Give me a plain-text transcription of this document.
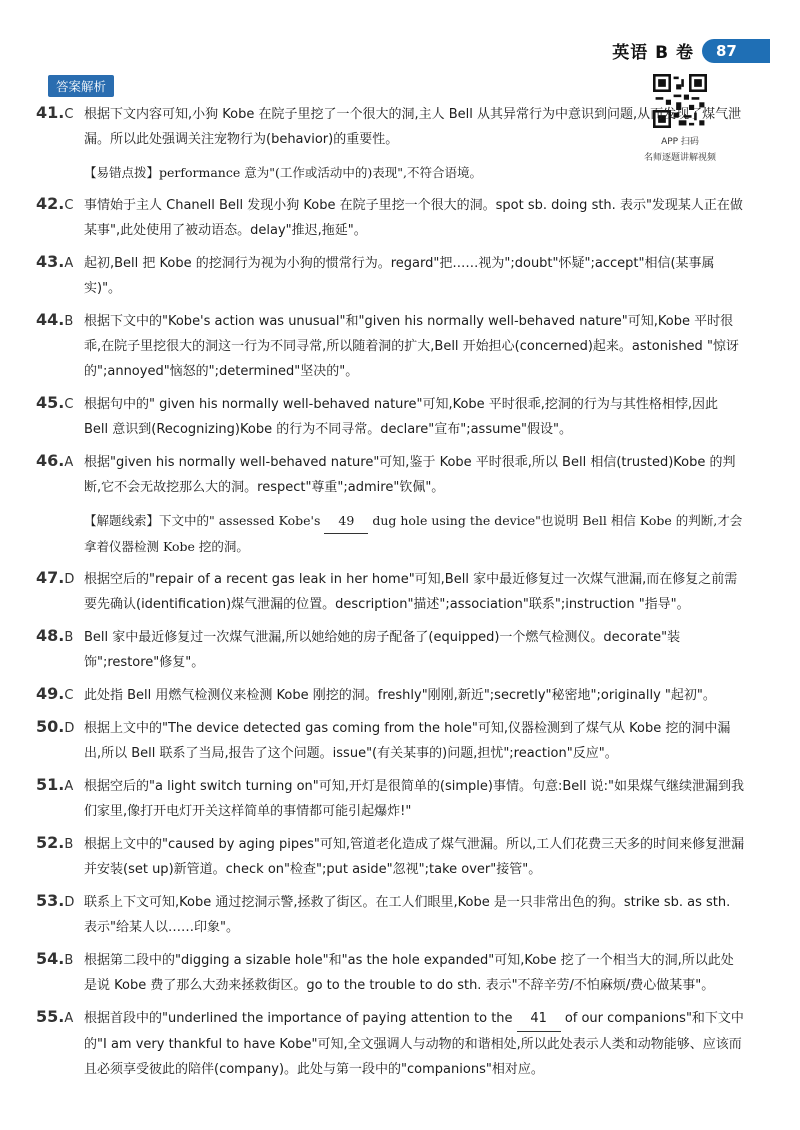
英语 B 卷	87
答案解析
APP 扫码
名师逐题讲解视频
41.C 根据下文内容可知,小狗 Kobe 在院子里挖了一个很大的洞,主人 Bell 从其异常行为中意识到问题,从而发现了煤气泄漏。所以此处强调关注宠物行为(behavior)的重要性。
【易错点拨】performance 意为"(工作或活动中的)表现",不符合语境。
42.C 事情始于主人 Chanell Bell 发现小狗 Kobe 在院子里挖一个很大的洞。spot sb. doing sth. 表示"发现某人正在做某事",此处使用了被动语态。delay"推迟,拖延"。
43.A 起初,Bell 把 Kobe 的挖洞行为视为小狗的惯常行为。regard"把……视为";doubt"怀疑";accept"相信(某事属实)"。
44.B 根据下文中的"Kobe's action was unusual"和"given his normally well-behaved nature"可知,Kobe 平时很乖,在院子里挖很大的洞这一行为不同寻常,所以随着洞的扩大,Bell 开始担心(concerned)起来。astonished "惊讶的";annoyed"恼怒的";determined"坚决的"。
45.C 根据句中的" given his normally well-behaved nature"可知,Kobe 平时很乖,挖洞的行为与其性格相悖,因此 Bell 意识到(Recognizing)Kobe 的行为不同寻常。declare"宣布";assume"假设"。
46.A 根据"given his normally well-behaved nature"可知,鉴于 Kobe 平时很乖,所以 Bell 相信(trusted)Kobe 的判断,它不会无故挖那么大的洞。respect"尊重";admire"钦佩"。
【解题线索】下文中的" assessed Kobe's 49 dug hole using the device"也说明 Bell 相信 Kobe 的判断,才会拿着仪器检测 Kobe 挖的洞。
47.D 根据空后的"repair of a recent gas leak in her home"可知,Bell 家中最近修复过一次煤气泄漏,而在修复之前需要先确认(identification)煤气泄漏的位置。description"描述";association"联系";instruction "指导"。
48.B Bell 家中最近修复过一次煤气泄漏,所以她给她的房子配备了(equipped)一个燃气检测仪。decorate"装饰";restore"修复"。
49.C 此处指 Bell 用燃气检测仪来检测 Kobe 刚挖的洞。freshly"刚刚,新近";secretly"秘密地";originally "起初"。
50.D 根据上文中的"The device detected gas coming from the hole"可知,仪器检测到了煤气从 Kobe 挖的洞中漏出,所以 Bell 联系了当局,报告了这个问题。issue"(有关某事的)问题,担忧";reaction"反应"。
51.A 根据空后的"a light switch turning on"可知,开灯是很简单的(simple)事情。句意:Bell 说:"如果煤气继续泄漏到我们家里,像打开电灯开关这样简单的事情都可能引起爆炸!"
52.B 根据上文中的"caused by aging pipes"可知,管道老化造成了煤气泄漏。所以,工人们花费三天多的时间来修复泄漏并安装(set up)新管道。check on"检查";put aside"忽视";take over"接管"。
53.D 联系上下文可知,Kobe 通过挖洞示警,拯救了街区。在工人们眼里,Kobe 是一只非常出色的狗。strike sb. as sth. 表示"给某人以……印象"。
54.B 根据第二段中的"digging a sizable hole"和"as the hole expanded"可知,Kobe 挖了一个相当大的洞,所以此处是说 Kobe 费了那么大劲来拯救街区。go to the trouble to do sth. 表示"不辞辛劳/不怕麻烦/费心做某事"。
55.A 根据首段中的"underlined the importance of paying attention to the 41 of our companions"和下文中的"I am very thankful to have Kobe"可知,全文强调人与动物的和谐相处,所以此处表示人类和动物能够、应该而且必须享受彼此的陪伴(company)。此处与第一段中的"companions"相对应。
